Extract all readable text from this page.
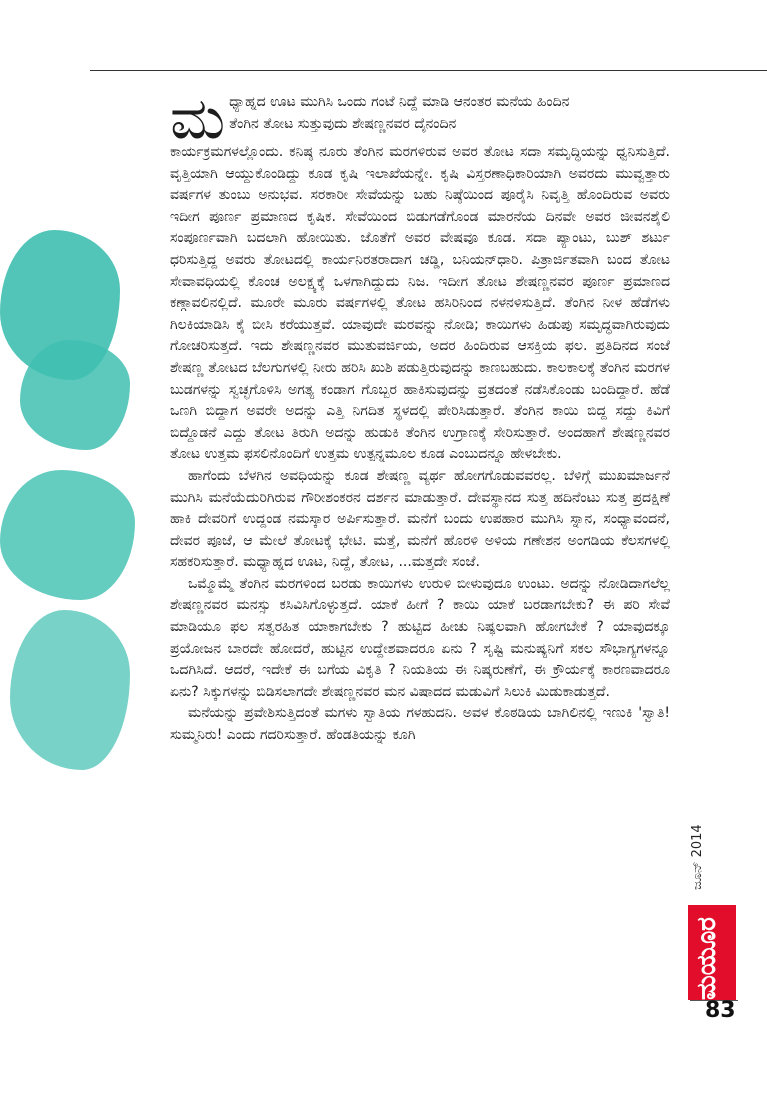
ಮ ಧ್ಯಾಹ್ನದ ಊಟ ಮುಗಿಸಿ ಒಂದು ಗಂಟೆ ನಿದ್ದೆ ಮಾಡಿ ಆನಂತರ ಮನೆಯ ಹಿಂದಿನ
ತೆಂಗಿನ ತೋಟ ಸುತ್ತುವುದು ಶೇಷಣ್ಣನವರ ದೈನಂದಿನ
ಕಾರ್ಯಕ್ರಮಗಳಲ್ಲೊಂದು. ಕನಿಷ್ಠ ನೂರು ತೆಂಗಿನ ಮರಗಳಿರುವ ಅವರ ತೋಟ ಸದಾ ಸಮೃದ್ಧಿಯನ್ನು ಧ್ವನಿಸುತ್ತಿದೆ. ವೃತ್ತಿಯಾಗಿ ಆಯ್ದುಕೊಂಡಿದ್ದು ಕೂಡ ಕೃಷಿ ಇಲಾಖೆಯನ್ನೇ. ಕೃಷಿ ವಿಸ್ತರಣಾಧಿಕಾರಿಯಾಗಿ ಅವರದು ಮುವ್ವತ್ತಾರು ವರ್ಷಗಳ ತುಂಬು ಅನುಭವ. ಸರಕಾರೀ ಸೇವೆಯನ್ನು ಬಹು ನಿಷ್ಠೆಯಿಂದ ಪೂರೈಸಿ ನಿವೃತ್ತಿ ಹೊಂದಿರುವ ಅವರು ಇದೀಗ ಪೂರ್ಣ ಪ್ರಮಾಣದ ಕೃಷಿಕ. ಸೇವೆಯಿಂದ ಬಿಡುಗಡೆಗೊಂಡ ಮಾರನೆಯ ದಿನವೇ ಅವರ ಜೀವನಶೈಲಿ ಸಂಪೂರ್ಣವಾಗಿ ಬದಲಾಗಿ ಹೋಯಿತು. ಜೊತೆಗೆ ಅವರ ವೇಷವೂ ಕೂಡ. ಸದಾ ಪ್ಯಾಂಟು, ಬುಶ್ ಶರ್ಟು ಧರಿಸುತ್ತಿದ್ದ ಅವರು ತೋಟದಲ್ಲಿ ಕಾರ್ಯನಿರತರಾದಾಗ ಚಡ್ಡಿ, ಬನಿಯನ್‌ಧಾರಿ. ಪಿತ್ರಾರ್ಜಿತವಾಗಿ ಬಂದ ತೋಟ ಸೇವಾವಧಿಯಲ್ಲಿ ಕೊಂಚ ಅಲಕ್ಷ್ಯಕ್ಕೆ ಒಳಗಾಗಿದ್ದುದು ನಿಜ. ಇದೀಗ ತೋಟ ಶೇಷಣ್ಣನವರ ಪೂರ್ಣ ಪ್ರಮಾಣದ ಕಣ್ಗಾವಲಿನಲ್ಲಿದೆ. ಮೂರೇ ಮೂರು ವರ್ಷಗಳಲ್ಲಿ ತೋಟ ಹಸಿರಿನಿಂದ ನಳನಳಿಸುತ್ತಿದೆ. ತೆಂಗಿನ ನೀಳ ಹೆಡೆಗಳು ಗಿಲಕಿಯಾಡಿಸಿ ಕೈ ಬೀಸಿ ಕರೆಯುತ್ತವೆ. ಯಾವುದೇ ಮರವನ್ನು ನೋಡಿ; ಕಾಯಿಗಳು ಹಿಡುಪು ಸಮೃದ್ಧವಾಗಿರುವುದು ಗೋಚರಿಸುತ್ತದೆ. ಇದು ಶೇಷಣ್ಣನವರ ಮುತುವರ್ಜಿಯ, ಅದರ ಹಿಂದಿರುವ ಆಸಕ್ತಿಯ ಫಲ. ಪ್ರತಿದಿನದ ಸಂಜೆ ಶೇಷಣ್ಣ ತೋಟದ ಬೆಲಗುಗಳಲ್ಲಿ ನೀರು ಹರಿಸಿ ಖುಶಿ ಪಡುತ್ತಿರುವುದನ್ನು ಕಾಣಬಹುದು. ಕಾಲಕಾಲಕ್ಕೆ ತೆಂಗಿನ ಮರಗಳ ಬುಡಗಳನ್ನು ಸ್ವಚ್ಛಗೊಳಿಸಿ ಅಗತ್ಯ ಕಂಡಾಗ ಗೊಬ್ಬರ ಹಾಕಿಸುವುದನ್ನು ವ್ರತದಂತೆ ನಡೆಸಿಕೊಂಡು ಬಂದಿದ್ದಾರೆ. ಹೆಡೆ ಒಣಗಿ ಬಿದ್ದಾಗ ಅವರೇ ಅದನ್ನು ಎತ್ತಿ ನಿಗದಿತ ಸ್ಥಳದಲ್ಲಿ ಪೇರಿಸಿಡುತ್ತಾರೆ. ತೆಂಗಿನ ಕಾಯಿ ಬಿದ್ದ ಸದ್ದು ಕಿವಿಗೆ ಬಿದ್ದೊಡನೆ ಎದ್ದು ತೋಟ ತಿರುಗಿ ಅದನ್ನು ಹುಡುಕಿ ತೆಂಗಿನ ಉಗ್ರಾಣಕ್ಕೆ ಸೇರಿಸುತ್ತಾರೆ. ಅಂದಹಾಗೆ ಶೇಷಣ್ಣನವರ ತೋಟ ಉತ್ತಮ ಫಸಲಿನೊಂದಿಗೆ ಉತ್ತಮ ಉತ್ಪನ್ನಮೂಲ ಕೂಡ ಎಂಬುದನ್ನೂ ಹೇಳಬೇಕು.
ಹಾಗೆಂದು ಬೆಳಗಿನ ಅವಧಿಯನ್ನು ಕೂಡ ಶೇಷಣ್ಣ ವ್ಯರ್ಥ ಹೋಗಗೊಡುವವರಲ್ಲ. ಬೆಳಿಗ್ಗೆ ಮುಖಮಾರ್ಜನೆ ಮುಗಿಸಿ ಮನೆಯೆದುರಿಗಿರುವ ಗೌರೀಶಂಕರನ ದರ್ಶನ ಮಾಡುತ್ತಾರೆ. ದೇವಸ್ಥಾನದ ಸುತ್ತ ಹದಿನೆಂಟು ಸುತ್ತ ಪ್ರದಕ್ಷಿಣೆ ಹಾಕಿ ದೇವರಿಗೆ ಉದ್ದಂಡ ನಮಸ್ಕಾರ ಅರ್ಪಿಸುತ್ತಾರೆ. ಮನೆಗೆ ಬಂದು ಉಪಹಾರ ಮುಗಿಸಿ ಸ್ನಾನ, ಸಂಧ್ಯಾವಂದನೆ, ದೇವರ ಪೂಜೆ, ಆ ಮೇಲೆ ತೋಟಕ್ಕೆ ಭೇಟಿ. ಮತ್ತೆ, ಮನೆಗೆ ಹೊರಳಿ ಅಳಿಯ ಗಣೇಶನ ಅಂಗಡಿಯ ಕೆಲಸಗಳಲ್ಲಿ ಸಹಕರಿಸುತ್ತಾರೆ. ಮಧ್ಯಾಹ್ನದ ಊಟ, ನಿದ್ದೆ, ತೋಟ, ...ಮತ್ತದೇ ಸಂಜೆ.
ಒಮ್ಮೊಮ್ಮೆ ತೆಂಗಿನ ಮರಗಳಿಂದ ಬರಡು ಕಾಯಿಗಳು ಉರುಳಿ ಬೀಳುವುದೂ ಉಂಟು. ಅದನ್ನು ನೋಡಿದಾಗಲೆಲ್ಲ ಶೇಷಣ್ಣನವರ ಮನಸ್ಸು ಕಸಿವಿಸಿಗೊಳ್ಳುತ್ತದೆ. ಯಾಕೆ ಹೀಗೆ ? ಕಾಯಿ ಯಾಕೆ ಬರಡಾಗಬೇಕು? ಈ ಪರಿ ಸೇವೆ ಮಾಡಿಯೂ ಫಲ ಸತ್ವರಹಿತ ಯಾಕಾಗಬೇಕು ? ಹುಟ್ಟಿದ ಹೀಚು ನಿಷ್ಫಲವಾಗಿ ಹೋಗಬೇಕೆ ? ಯಾವುದಕ್ಕೂ ಪ್ರಯೋಜನ ಬಾರದೇ ಹೋದರೆ, ಹುಟ್ಟಿನ ಉದ್ದೇಶವಾದರೂ ಏನು ? ಸೃಷ್ಟಿ ಮನುಷ್ಯನಿಗೆ ಸಕಲ ಸೌಭಾಗ್ಯಗಳನ್ನೂ ಒದಗಿಸಿದೆ. ಆದರೆ, ಇದೇಕೆ ಈ ಬಗೆಯ ವಿಕೃತಿ ? ನಿಯತಿಯ ಈ ನಿಷ್ಕರುಣೆಗೆ, ಈ ಕ್ರೌರ್ಯಕ್ಕೆ ಕಾರಣವಾದರೂ ಏನು? ಸಿಕ್ಕುಗಳನ್ನು ಬಿಡಿಸಲಾಗದೇ ಶೇಷಣ್ಣನವರ ಮನ ವಿಷಾದದ ಮಡುವಿಗೆ ಸಿಲುಕಿ ಮಿಡುಕಾಡುತ್ತದೆ.
ಮನೆಯನ್ನು ಪ್ರವೇಶಿಸುತ್ತಿದಂತೆ ಮಗಳು ಸ್ವಾತಿಯ ಗಳಹುದನಿ. ಅವಳ ಕೊಠಡಿಯ ಬಾಗಿಲಿನಲ್ಲಿ ಇಣುಕಿ 'ಸ್ವಾತಿ! ಸುಮ್ಮನಿರು! ಎಂದು ಗದರಿಸುತ್ತಾರೆ. ಹೆಂಡತಿಯನ್ನು ಕೂಗಿ
ಜೂನ್ 2014
ಮಯೂರ
83
